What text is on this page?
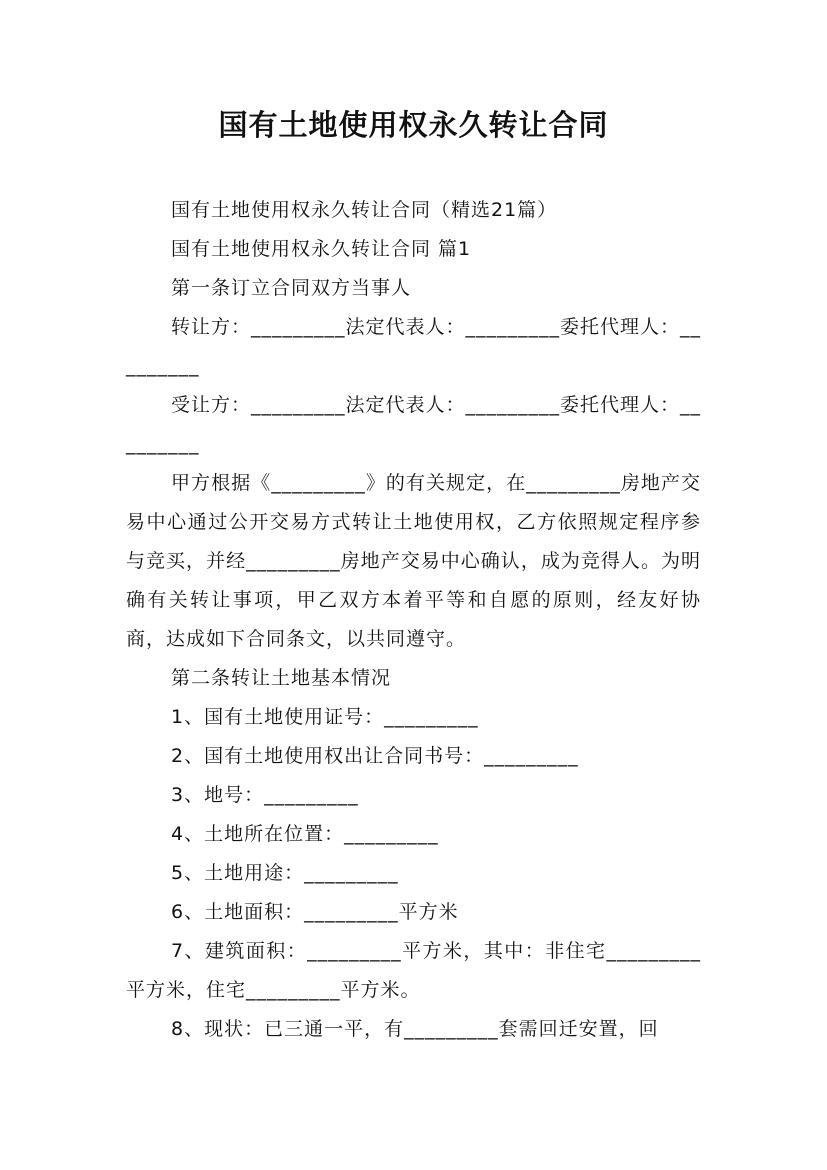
国有土地使用权永久转让合同

国有土地使用权永久转让合同（精选21篇）

国有土地使用权永久转让合同 篇1

第一条订立合同双方当事人

转让方：_________法定代表人：_________委托代理人：_________

受让方：_________法定代表人：_________委托代理人：_________

甲方根据《_________》的有关规定，在_________房地产交易中心通过公开交易方式转让土地使用权，乙方依照规定程序参与竞买，并经_________房地产交易中心确认，成为竞得人。为明确有关转让事项，甲乙双方本着平等和自愿的原则，经友好协商，达成如下合同条文，以共同遵守。

第二条转让土地基本情况

1、国有土地使用证号：_________

2、国有土地使用权出让合同书号：_________

3、地号：_________

4、土地所在位置：_________

5、土地用途：_________

6、土地面积：_________平方米

7、建筑面积：_________平方米，其中：非住宅_________平方米，住宅_________平方米。

8、现状：已三通一平，有_________套需回迁安置，回
